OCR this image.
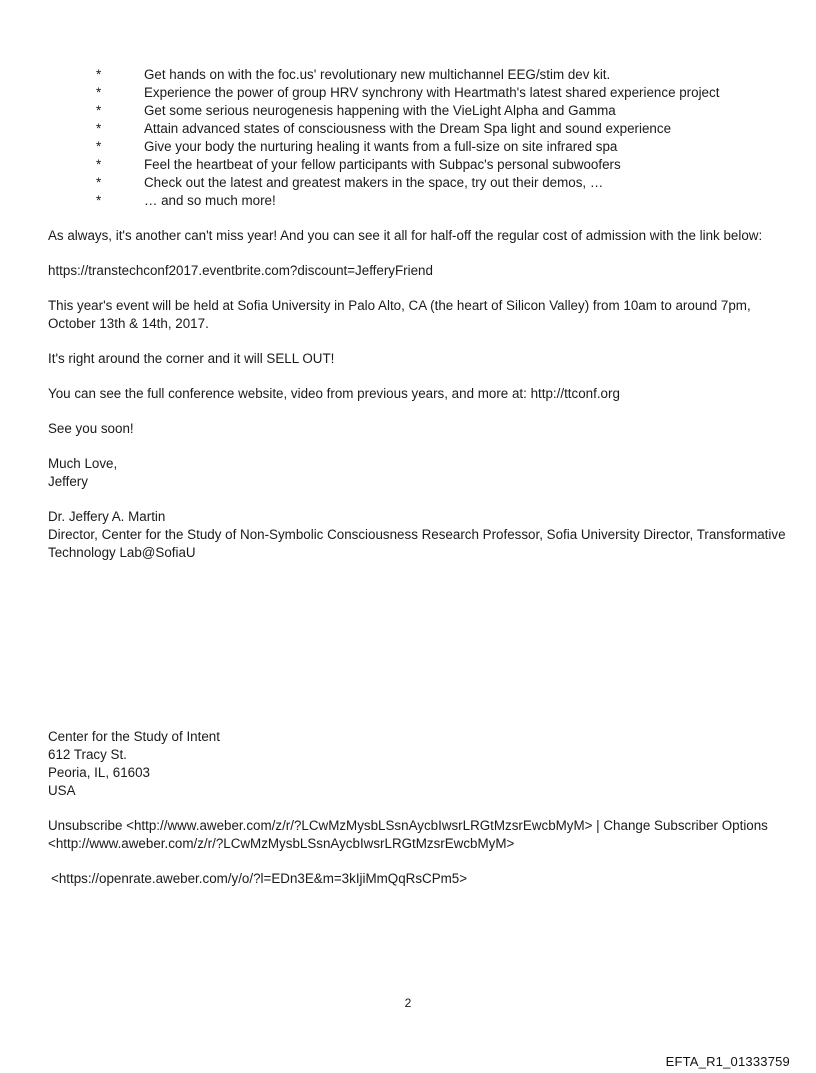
*	Get hands on with the foc.us' revolutionary new multichannel EEG/stim dev kit.
*	Experience the power of group HRV synchrony with Heartmath's latest shared experience project
*	Get some serious neurogenesis happening with the VieLight Alpha and Gamma
*	Attain advanced states of consciousness with the Dream Spa light and sound experience
*	Give your body the nurturing healing it wants from a full-size on site infrared spa
*	Feel the heartbeat of your fellow participants with Subpac's personal subwoofers
*	Check out the latest and greatest makers in the space, try out their demos, …
*	… and so much more!

As always, it's another can't miss year! And you can see it all for half-off the regular cost of admission with the link below:

https://transtechconf2017.eventbrite.com?discount=JefferyFriend

This year's event will be held at Sofia University in Palo Alto, CA (the heart of Silicon Valley) from 10am to around 7pm, October 13th & 14th, 2017.

It's right around the corner and it will SELL OUT!

You can see the full conference website, video from previous years, and more at: http://ttconf.org

See you soon!

Much Love,

Jeffery

Dr. Jeffery A. Martin

Director, Center for the Study of Non-Symbolic Consciousness Research Professor, Sofia University Director, Transformative Technology Lab@SofiaU

Center for the Study of Intent

612 Tracy St.

Peoria, IL, 61603

USA

Unsubscribe <http://www.aweber.com/z/r/?LCwMzMysbLSsnAycbIwsrLRGtMzsrEwcbMyM> | Change Subscriber Options <http://www.aweber.com/z/r/?LCwMzMysbLSsnAycbIwsrLRGtMzsrEwcbMyM>

<https://openrate.aweber.com/y/o/?l=EDn3E&m=3kIjiMmQqRsCPm5>

2
EFTA_R1_01333759
